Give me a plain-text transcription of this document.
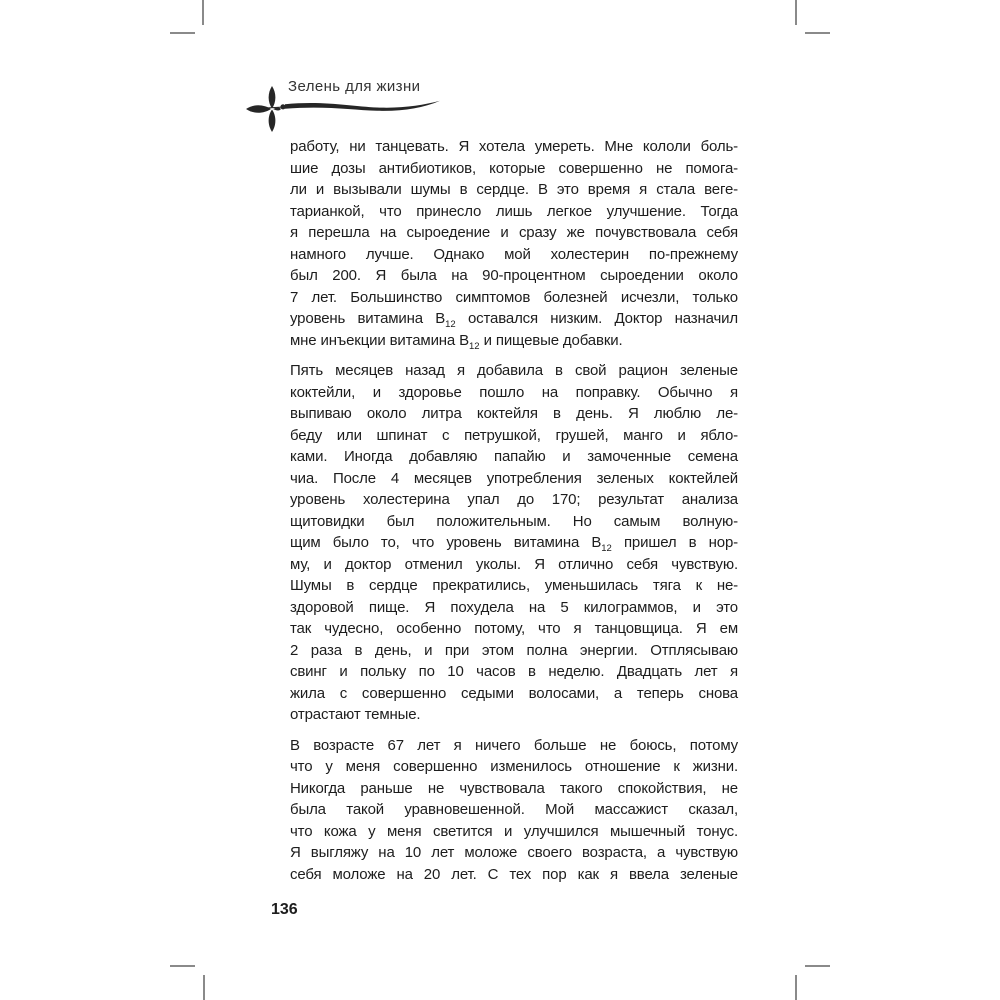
Зелень для жизни
работу, ни танцевать. Я хотела умереть. Мне кололи боль-
шие дозы антибиотиков, которые совершенно не помога-
ли и вызывали шумы в сердце. В это время я стала веге-
тарианкой, что принесло лишь легкое улучшение. Тогда
я перешла на сыроедение и сразу же почувствовала себя
намного лучше. Однако мой холестерин по-прежнему
был 200. Я была на 90-процентном сыроедении около
7 лет. Большинство симптомов болезней исчезли, только
уровень витамина $В_{12}$ оставался низким. Доктор назначил
мне инъекции витамина $В_{12}$ и пищевые добавки.
Пять месяцев назад я добавила в свой рацион зеленые
коктейли, и здоровье пошло на поправку. Обычно я
выпиваю около литра коктейля в день. Я люблю ле-
беду или шпинат с петрушкой, грушей, манго и ябло-
ками. Иногда добавляю папайю и замоченные семена
чиа. После 4 месяцев употребления зеленых коктейлей
уровень холестерина упал до 170; результат анализа
щитовидки был положительным. Но самым волную-
щим было то, что уровень витамина $В_{12}$ пришел в нор-
му, и доктор отменил уколы. Я отлично себя чувствую.
Шумы в сердце прекратились, уменьшилась тяга к не-
здоровой пище. Я похудела на 5 килограммов, и это
так чудесно, особенно потому, что я танцовщица. Я ем
2 раза в день, и при этом полна энергии. Отплясываю
свинг и польку по 10 часов в неделю. Двадцать лет я
жила с совершенно седыми волосами, а теперь снова
отрастают темные.
В возрасте 67 лет я ничего больше не боюсь, потому
что у меня совершенно изменилось отношение к жизни.
Никогда раньше не чувствовала такого спокойствия, не
была такой уравновешенной. Мой массажист сказал,
что кожа у меня светится и улучшился мышечный тонус.
Я выгляжу на 10 лет моложе своего возраста, а чувствую
себя моложе на 20 лет. С тех пор как я ввела зеленые
136
